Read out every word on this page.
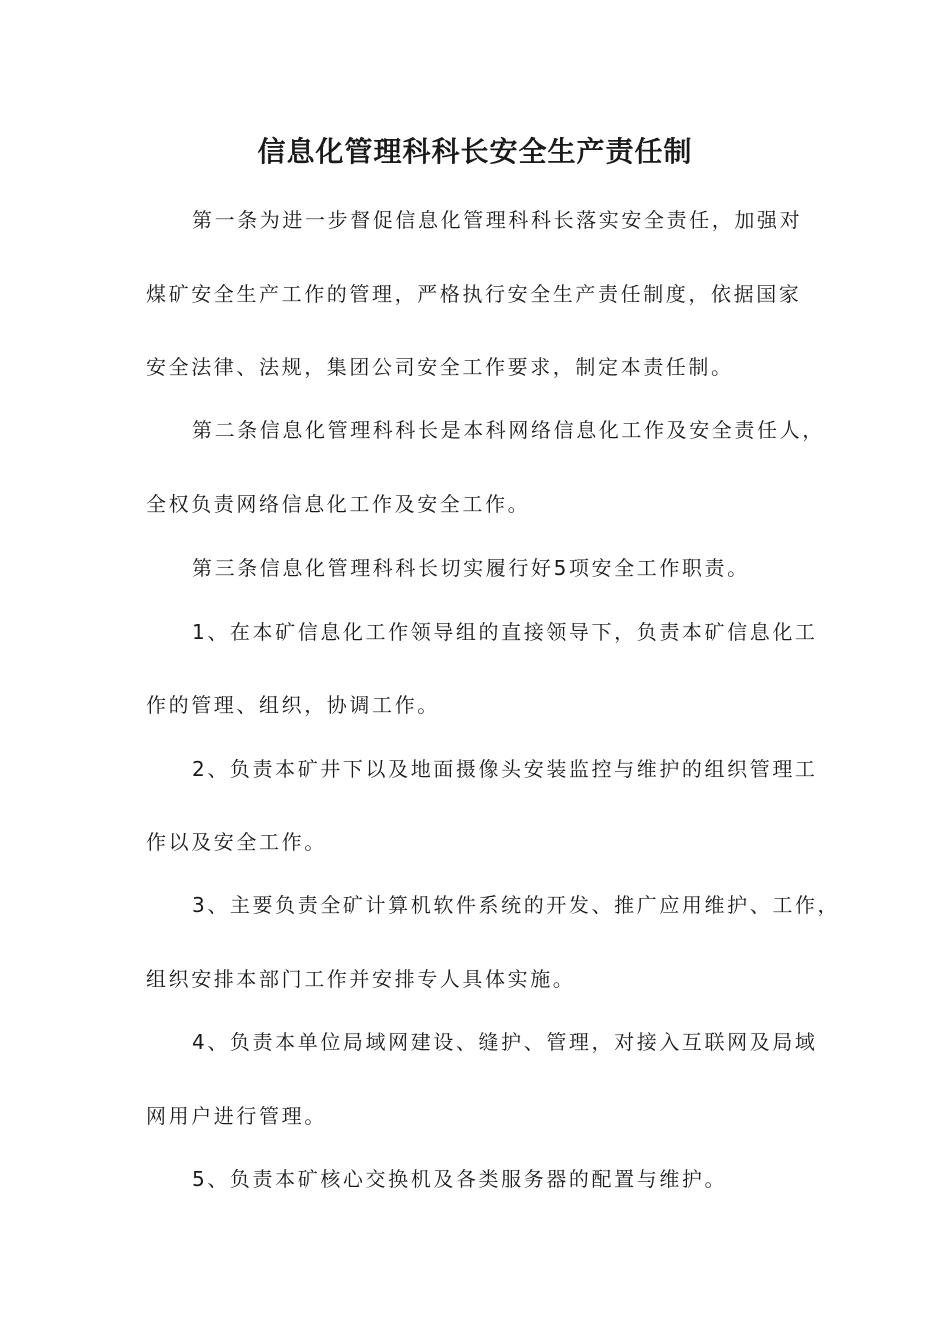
信息化管理科科长安全生产责任制
第一条为进一步督促信息化管理科科长落实安全责任，加强对
煤矿安全生产工作的管理，严格执行安全生产责任制度，依据国家
安全法律、法规，集团公司安全工作要求，制定本责任制。
第二条信息化管理科科长是本科网络信息化工作及安全责任人，
全权负责网络信息化工作及安全工作。
第三条信息化管理科科长切实履行好5项安全工作职责。
1、在本矿信息化工作领导组的直接领导下，负责本矿信息化工
作的管理、组织，协调工作。
2、负责本矿井下以及地面摄像头安装监控与维护的组织管理工
作以及安全工作。
3、主要负责全矿计算机软件系统的开发、推广应用维护、工作，
组织安排本部门工作并安排专人具体实施。
4、负责本单位局域网建设、缝护、管理，对接入互联网及局域
网用户进行管理。
5、负责本矿核心交换机及各类服务器的配置与维护。
